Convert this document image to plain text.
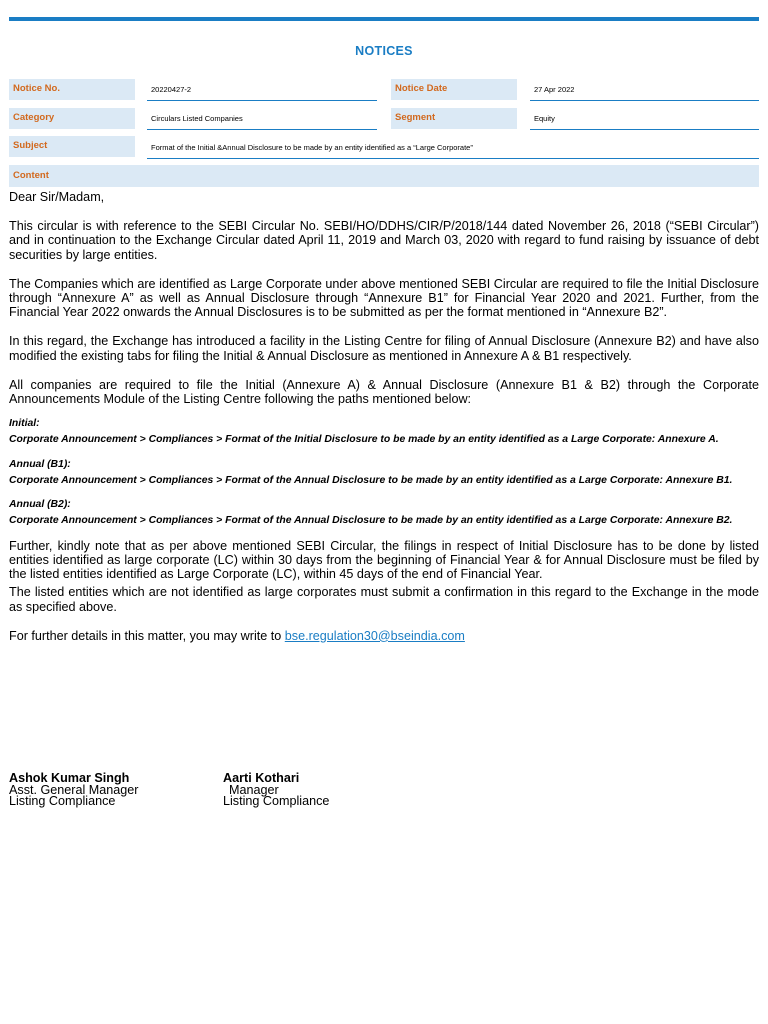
NOTICES
Notice No.	20220427-2	Notice Date	27 Apr 2022
Category	Circulars Listed Companies	Segment	Equity
Subject	Format of the Initial &Annual Disclosure to be made by an entity identified as a “Large Corporate”
Content

Dear Sir/Madam,

This circular is with reference to the SEBI Circular No. SEBI/HO/DDHS/CIR/P/2018/144 dated November 26, 2018 (“SEBI Circular”) and in continuation to the Exchange Circular dated April 11, 2019 and March 03, 2020 with regard to fund raising by issuance of debt securities by large entities.

The Companies which are identified as Large Corporate under above mentioned SEBI Circular are required to file the Initial Disclosure through “Annexure A” as well as Annual Disclosure through “Annexure B1” for Financial Year 2020 and 2021. Further, from the Financial Year 2022 onwards the Annual Disclosures is to be submitted as per the format mentioned in “Annexure B2”.

In this regard, the Exchange has introduced a facility in the Listing Centre for filing of Annual Disclosure (Annexure B2) and have also modified the existing tabs for filing the Initial & Annual Disclosure as mentioned in Annexure A & B1 respectively.

All companies are required to file the Initial (Annexure A) & Annual Disclosure (Annexure B1 & B2) through the Corporate Announcements Module of the Listing Centre following the paths mentioned below:

Initial:

Corporate Announcement > Compliances > Format of the Initial Disclosure to be made by an entity identified as a Large Corporate: Annexure A.

Annual (B1):

Corporate Announcement > Compliances > Format of the Annual Disclosure to be made by an entity identified as a Large Corporate: Annexure B1.

Annual (B2):

Corporate Announcement > Compliances > Format of the Annual Disclosure to be made by an entity identified as a Large Corporate: Annexure B2.

Further, kindly note that as per above mentioned SEBI Circular, the filings in respect of Initial Disclosure has to be done by listed entities identified as large corporate (LC) within 30 days from the beginning of Financial Year & for Annual Disclosure must be filed by the listed entities identified as Large Corporate (LC), within 45 days of the end of Financial Year.

The listed entities which are not identified as large corporates must submit a confirmation in this regard to the Exchange in the mode as specified above.

For further details in this matter, you may write to bse.regulation30@bseindia.com

Ashok Kumar Singh
Asst. General Manager
Listing Compliance
Aarti Kothari
Manager
Listing Compliance
